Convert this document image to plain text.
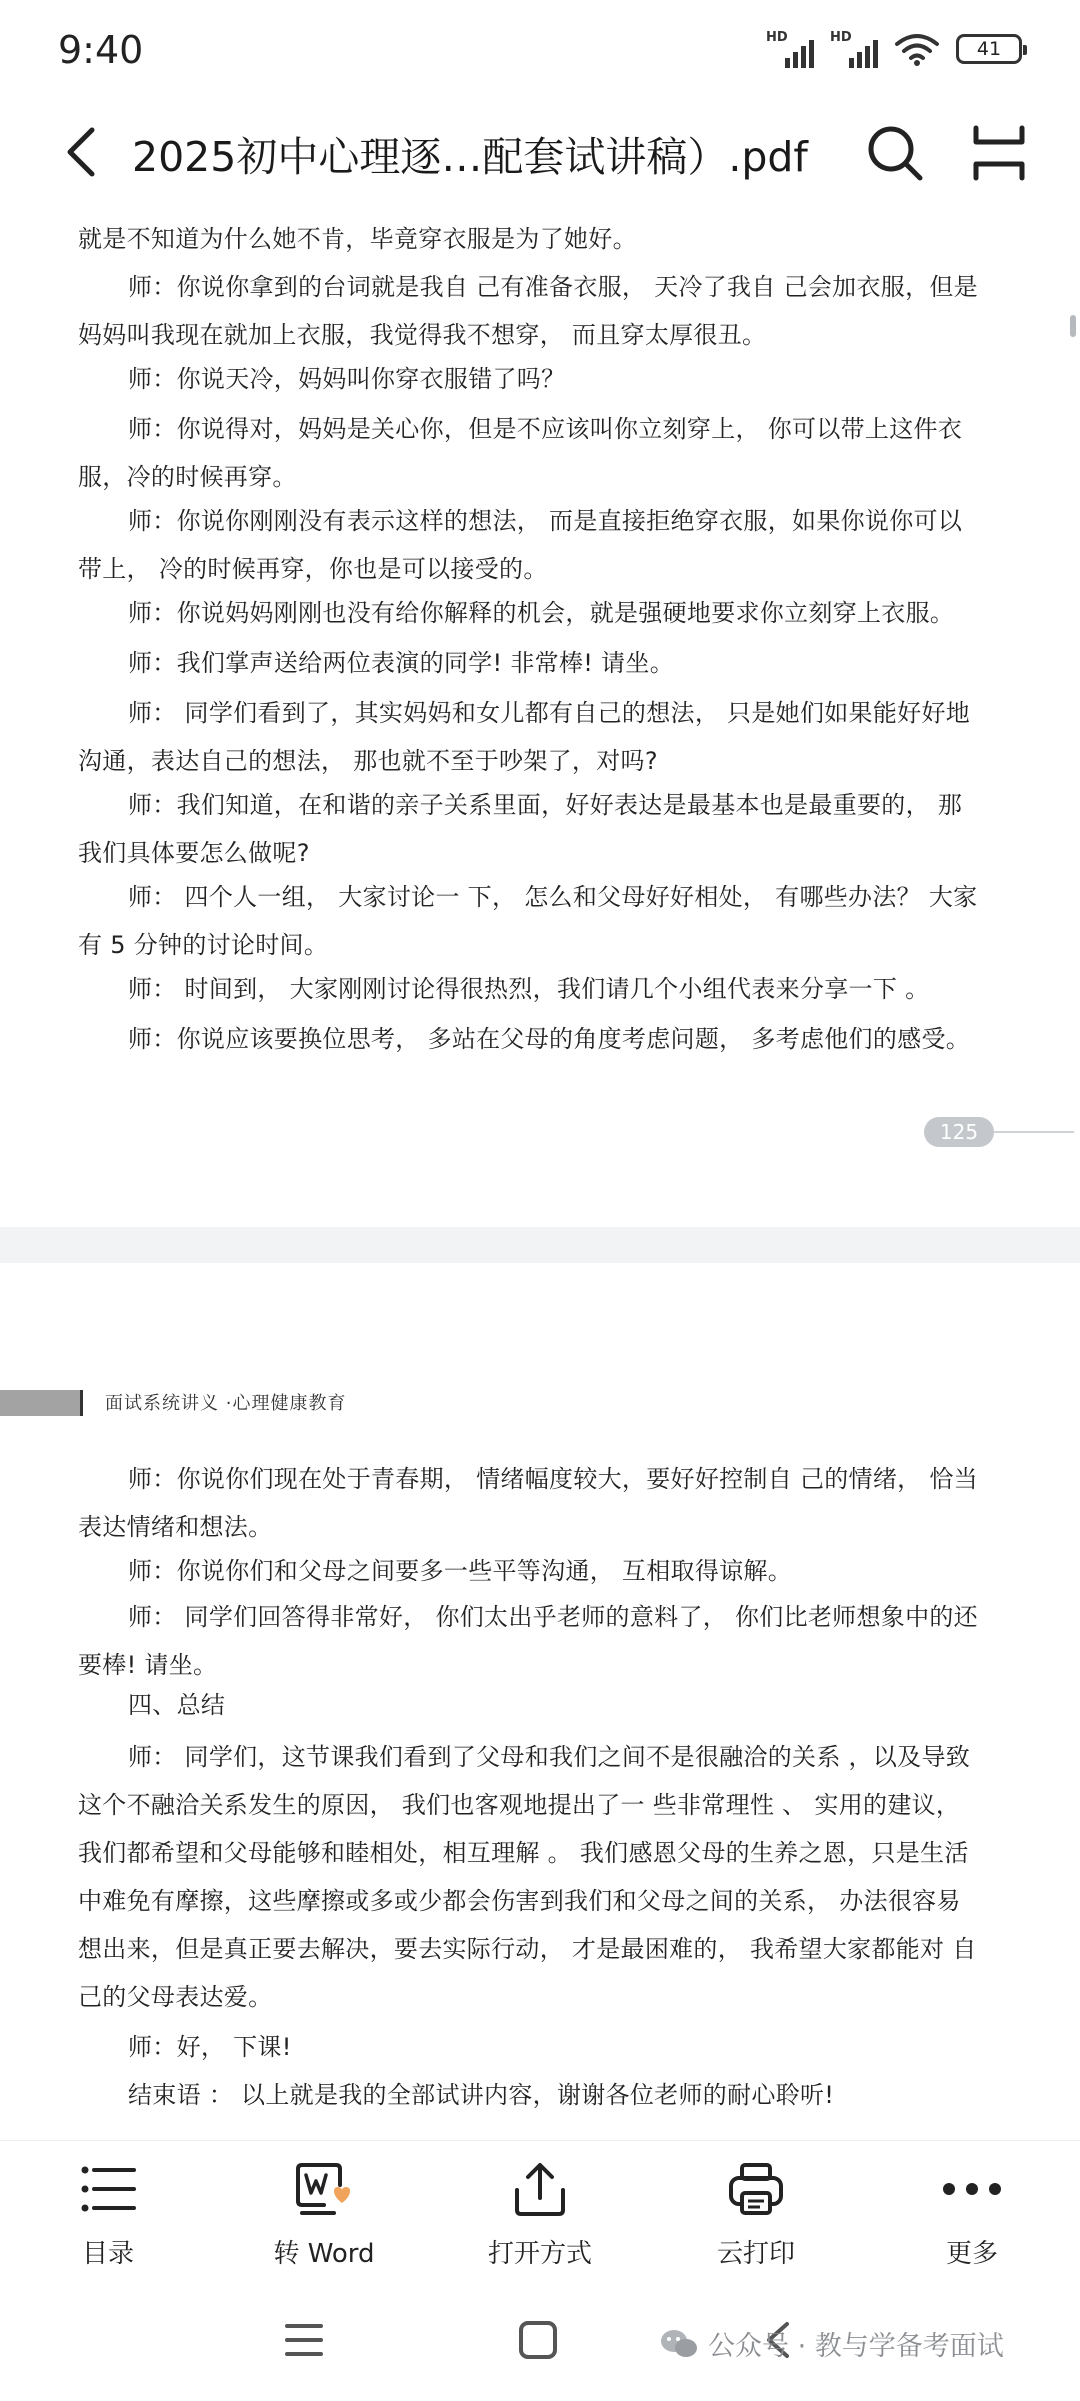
9:40	HD	HD
41
2025初中心理逐…配套试讲稿）.pdf

就是不知道为什么她不肯，毕竟穿衣服是为了她好。

师：你说你拿到的台词就是我自 己有准备衣服， 天冷了我自 己会加衣服，但是妈妈叫我现在就加上衣服，我觉得我不想穿， 而且穿太厚很丑。

师：你说天冷，妈妈叫你穿衣服错了吗？

师：你说得对，妈妈是关心你，但是不应该叫你立刻穿上， 你可以带上这件衣服，冷的时候再穿。

师：你说你刚刚没有表示这样的想法， 而是直接拒绝穿衣服，如果你说你可以带上， 冷的时候再穿，你也是可以接受的。

师：你说妈妈刚刚也没有给你解释的机会，就是强硬地要求你立刻穿上衣服。

师：我们掌声送给两位表演的同学! 非常棒! 请坐。

师： 同学们看到了，其实妈妈和女儿都有自己的想法， 只是她们如果能好好地沟通，表达自己的想法， 那也就不至于吵架了，对吗?

师：我们知道，在和谐的亲子关系里面，好好表达是最基本也是最重要的， 那我们具体要怎么做呢?

师： 四个人一组， 大家讨论一 下， 怎么和父母好好相处， 有哪些办法？ 大家有 5 分钟的讨论时间。

师： 时间到， 大家刚刚讨论得很热烈，我们请几个小组代表来分享一下 。

师：你说应该要换位思考， 多站在父母的角度考虑问题， 多考虑他们的感受。

125
面试系统讲义 ·心理健康教育

师：你说你们现在处于青春期， 情绪幅度较大，要好好控制自 己的情绪， 恰当表达情绪和想法。

师：你说你们和父母之间要多一些平等沟通， 互相取得谅解。

师： 同学们回答得非常好， 你们太出乎老师的意料了， 你们比老师想象中的还要棒! 请坐。

四、总结

师： 同学们，这节课我们看到了父母和我们之间不是很融洽的关系 ，以及导致这个不融洽关系发生的原因， 我们也客观地提出了一 些非常理性 、 实用的建议， 我们都希望和父母能够和睦相处，相互理解 。 我们感恩父母的生养之恩，只是生活中难免有摩擦，这些摩擦或多或少都会伤害到我们和父母之间的关系， 办法很容易想出来，但是真正要去解决，要去实际行动， 才是最困难的， 我希望大家都能对 自 己的父母表达爱。

师：好， 下课!

结束语 ： 以上就是我的全部试讲内容，谢谢各位老师的耐心聆听!

目录	转 Word	打开方式	云打印	更多
公众号 · 教与学备考面试
